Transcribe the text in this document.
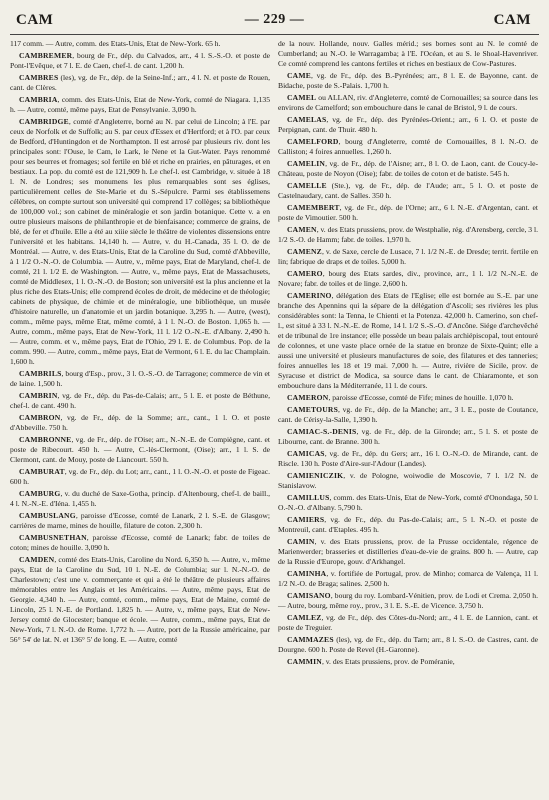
CAM	— 229 —	CAM

117 comm. — Autre, comm. des Etats-Unis, Etat de New-York. 65 h.

CAMBREMER, bourg de Fr., dép. du Calvados, arr., 4 l. S.-S.-O. et poste de Pont-l'Evêque, et 7 l. E. de Caen, chef-l. de cant. 1,200 h.

CAMBRES (les), vg. de Fr., dép. de la Seine-Inf.; arr., 4 l. N. et poste de Rouen, cant. de Clères.

CAMBRIA, comm. des Etats-Unis, Etat de New-York, comté de Niagara. 1,135 h. — Autre, comté, même pays, Etat de Pensylvanie. 3,090 h.

CAMBRIDGE, comté d'Angleterre, borné au N. par celui de Lincoln; à l'E. par ceux de Norfolk et de Suffolk; au S. par ceux d'Essex et d'Hertford; et à l'O. par ceux de Bedford, d'Huntingdon et de Northampton. Il est arrosé par plusieurs riv. dont les principales sont: l'Ouse, le Cam, le Lark, le Nene et la Gut-Water. Pays renommé pour ses beurres et fromages; sol fertile en blé et riche en prairies, en pâturages, et en bestiaux. La pop. du comté est de 121,909 h. Le chef-l. est Cambridge, v. située à 18 l. N. de Londres; ses monumens les plus remarquables sont ses églises, particulièrement celles de Ste-Marie et du S.-Sépulcre. Parmi ses établissemens célèbres, on compte surtout son université qui comprend 17 collèges; sa bibliothèque de 100,000 vol.; son cabinet de minéralogie et son jardin botanique. Cette v. a en outre plusieurs maisons de philanthropie et de bienfaisance; commerce de grains, de blé, de fer et d'huile. Elle a été au xiiie siècle le théâtre de violentes dissensions entre l'université et les habitans. 14,140 h. — Autre, v. du H.-Canada, 35 l. O. de de Montréal. — Autre, v. des Etats-Unis, Etat de la Caroline du Sud, comté d'Abbeville, à 1 1/2 O.-N.-O. de Columbia. — Autre, v., même pays, Etat de Maryland, chef-l. de comté, 21 l. 1/2 E. de Washington. — Autre, v., même pays, Etat de Massachusets, comté de Middlesex, 1 l. O.-N.-O. de Boston; son université est la plus ancienne et la plus riche des Etats-Unis; elle comprend écoles de droit, de médecine et de théologie; cabinets de physique, de chimie et de minéralogie, une bibliothèque, un musée d'histoire naturelle, un d'anatomie et un jardin botanique. 3,295 h. — Autre, (west), comm., même pays, même Etat, même comté, à 1 l. N.-O. de Boston. 1,065 h. — Autre, comm., même pays, Etat de New-York, 11 l. 1/2 O.-N.-E. d'Albany. 2,490 h. — Autre, comm. et v., même pays, Etat de l'Ohio, 29 l. E. de Columbus. Pop. de la comm. 990. — Autre, comm., même pays, Etat de Vermont, 6 l. E. du lac Champlain. 1,600 h.

CAMBRILS, bourg d'Esp., prov., 3 l. O.-S.-O. de Tarragone; commerce de vin et de laine. 1,500 h.

CAMBRIN, vg. de Fr., dép. du Pas-de-Calais; arr., 5 l. E. et poste de Béthune, chef-l. de cant. 490 h.

CAMBRON, vg. de Fr., dép. de la Somme; arr., cant., 1 l. O. et poste d'Abbeville. 750 h.

CAMBRONNE, vg. de Fr., dép. de l'Oise; arr., N.-N.-E. de Compiègne, cant. et poste de Ribecourt. 450 h. — Autre, C.-lès-Clermont, (Oise); arr., 1 l. S. de Clermont, cant. de Mouy, poste de Liancourt. 550 h.

CAMBURAT, vg. de Fr., dép. du Lot; arr., cant., 1 l. O.-N.-O. et poste de Figeac. 600 h.

CAMBURG, v. du duché de Saxe-Gotha, princip. d'Altenbourg, chef-l. de baill., 4 l. N.-N.-E. d'Iéna. 1,455 h.

CAMBUSLANG, paroisse d'Ecosse, comté de Lanark, 2 l. S.-E. de Glasgow; carrières de marne, mines de houille, filature de coton. 2,300 h.

CAMBUSNETHAN, paroisse d'Ecosse, comté de Lanark; fabr. de toiles de coton; mines de houille. 3,090 h.

CAMDEN, comté des Etats-Unis, Caroline du Nord. 6,350 h. — Autre, v., même pays, Etat de la Caroline du Sud, 10 l. N.-E. de Columbia; sur l. N.-N.-O. de Charlestown; c'est une v. commerçante et qui a été le théâtre de plusieurs affaires mémorables entre les Anglais et les Américains. — Autre, même pays, Etat de Georgie. 4,340 h. — Autre, comté, comm., même pays, Etat de Maine, comté de Lincoln, 25 l. N.-E. de Portland. 1,825 h. — Autre, v., même pays, Etat de New-Jersey comté de Glocester; banque et école. — Autre, comm., même pays, Etat de New-York, 7 l. N.-O. de Rome. 1,772 h. — Autre, port de la Russie américaine, par 56° 54' de lat. N. et 136° 5' de long. E. — Autre, comté

de la nouv. Hollande, nouv. Galles mérid.; ses bornes sont au N. le comté de Cumberland; au N.-O. le Warragamba; à l'E. l'Océan, et au S. le Shoal-Havenriver. Ce comté comprend les cantons fertiles et riches en bestiaux de Cow-Pastures.

CAME, vg. de Fr., dép. des B.-Pyrénées; arr., 8 l. E. de Bayonne, cant. de Bidache, poste de S.-Palais. 1,700 h.

CAMEL ou ALLAN, riv. d'Angleterre, comté de Cornouailles; sa source dans les environs de Camelford; son embouchure dans le canal de Bristol, 9 l. de cours.

CAMELAS, vg. de Fr., dép. des Pyrénées-Orient.; arr., 6 l. O. et poste de Perpignan, cant. de Thuir. 480 h.

CAMELFORD, bourg d'Angleterre, comté de Cornouailles, 8 l. N.-O. de Calliston; 4 foires annuelles. 1,260 h.

CAMELIN, vg. de Fr., dép. de l'Aisne; arr., 8 l. O. de Laon, cant. de Coucy-le-Château, poste de Noyon (Oise); fabr. de toiles de coton et de batiste. 545 h.

CAMELLE (Ste.), vg. de Fr., dép. de l'Aude; arr., 5 l. O. et poste de Castelnaudary, cant. de Salles. 350 h.

CAMEMBERT, vg. de Fr., dép. de l'Orne; arr., 6 l. N.-E. d'Argentan, cant. et poste de Vimoutier. 500 h.

CAMEN, v. des Etats prussiens, prov. de Westphalie, rég. d'Arensberg, cercle, 3 l. 1/2 S.-O. de Hamm; fabr. de toiles. 1,970 h.

CAMENZ, v. de Saxe, cercle de Lusace, 7 l. 1/2 N.-E. de Dresde; territ. fertile en lin; fabrique de draps et de toiles. 5,000 h.

CAMERO, bourg des Etats sardes, div., province, arr., 1 l. 1/2 N.-N.-E. de Novare; fabr. de toiles et de linge. 2,600 h.

CAMERINO, délégation des Etats de l'Eglise; elle est bornée au S.-E. par une branche des Apennins qui la sépare de la délégation d'Ascoli; ses rivières les plus considérables sont: la Tenna, le Chienti et la Potenza. 42,000 h. Camerino, son chef-l., est situé à 33 l. N.-N.-E. de Rome, 14 l. 1/2 S.-S.-O. d'Ancône. Siége d'archevêché et de tribunal de 1re instance; elle possède un beau palais archiépiscopal, tout entouré de colonnes, et une vaste place ornée de la statue en bronze de Sixte-Quint; elle a aussi une université et plusieurs manufactures de soie, des filatures et des tanneries; foires annuelles les 18 et 19 mai. 7,000 h. — Autre, rivière de Sicile, prov. de Syracuse et district de Modica, sa source dans le cant. de Chiaramonte, et son embouchure dans la Méditerranée, 11 l. de cours.

CAMERON, paroisse d'Ecosse, comté de Fife; mines de houille. 1,070 h.

CAMETOURS, vg. de Fr., dép. de la Manche; arr., 3 l. E., poste de Coutance, cant. de Cérisy-la-Salle, 1,390 h.

CAMIAC-S.-DENIS, vg. de Fr., dép. de la Gironde; arr., 5 l. S. et poste de Libourne, cant. de Branne. 300 h.

CAMICAS, vg. de Fr., dép. du Gers; arr., 16 l. O.-N.-O. de Mirande, cant. de Riscle. 130 h. Poste d'Aire-sur-l'Adour (Landes).

CAMIENICZIK, v. de Pologne, woiwodie de Moscovie, 7 l. 1/2 N. de Stanislavow.

CAMILLUS, comm. des Etats-Unis, Etat de New-York, comté d'Onondaga, 50 l. O.-N.-O. d'Albany. 5,790 h.

CAMIERS, vg. de Fr., dép. du Pas-de-Calais; arr., 5 l. N.-O. et poste de Montreuil, cant. d'Etaples. 495 h.

CAMIN, v. des Etats prussiens, prov. de la Prusse occidentale, régence de Marienwerder; brasseries et distilleries d'eau-de-vie de grains. 800 h. — Autre, cap de la Russie d'Europe, gouv. d'Arkhangel.

CAMINHA, v. fortifiée de Portugal, prov. de Minho; comarca de Valença, 11 l. 1/2 N.-O. de Braga; salines. 2,500 h.

CAMISANO, bourg du roy. Lombard-Vénitien, prov. de Lodi et Crema. 2,050 h. — Autre, bourg, même roy., prov., 3 l. E. S.-E. de Vicence. 3,750 h.

CAMLEZ, vg. de Fr., dép. des Côtes-du-Nord; arr., 4 l. E. de Lannion, cant. et poste de Treguier.

CAMMAZES (les), vg. de Fr., dép. du Tarn; arr., 8 l. S.-O. de Castres, cant. de Dourgne. 600 h. Poste de Revel (H.-Garonne).

CAMMIN, v. des Etats prussiens, prov. de Poméranie,
